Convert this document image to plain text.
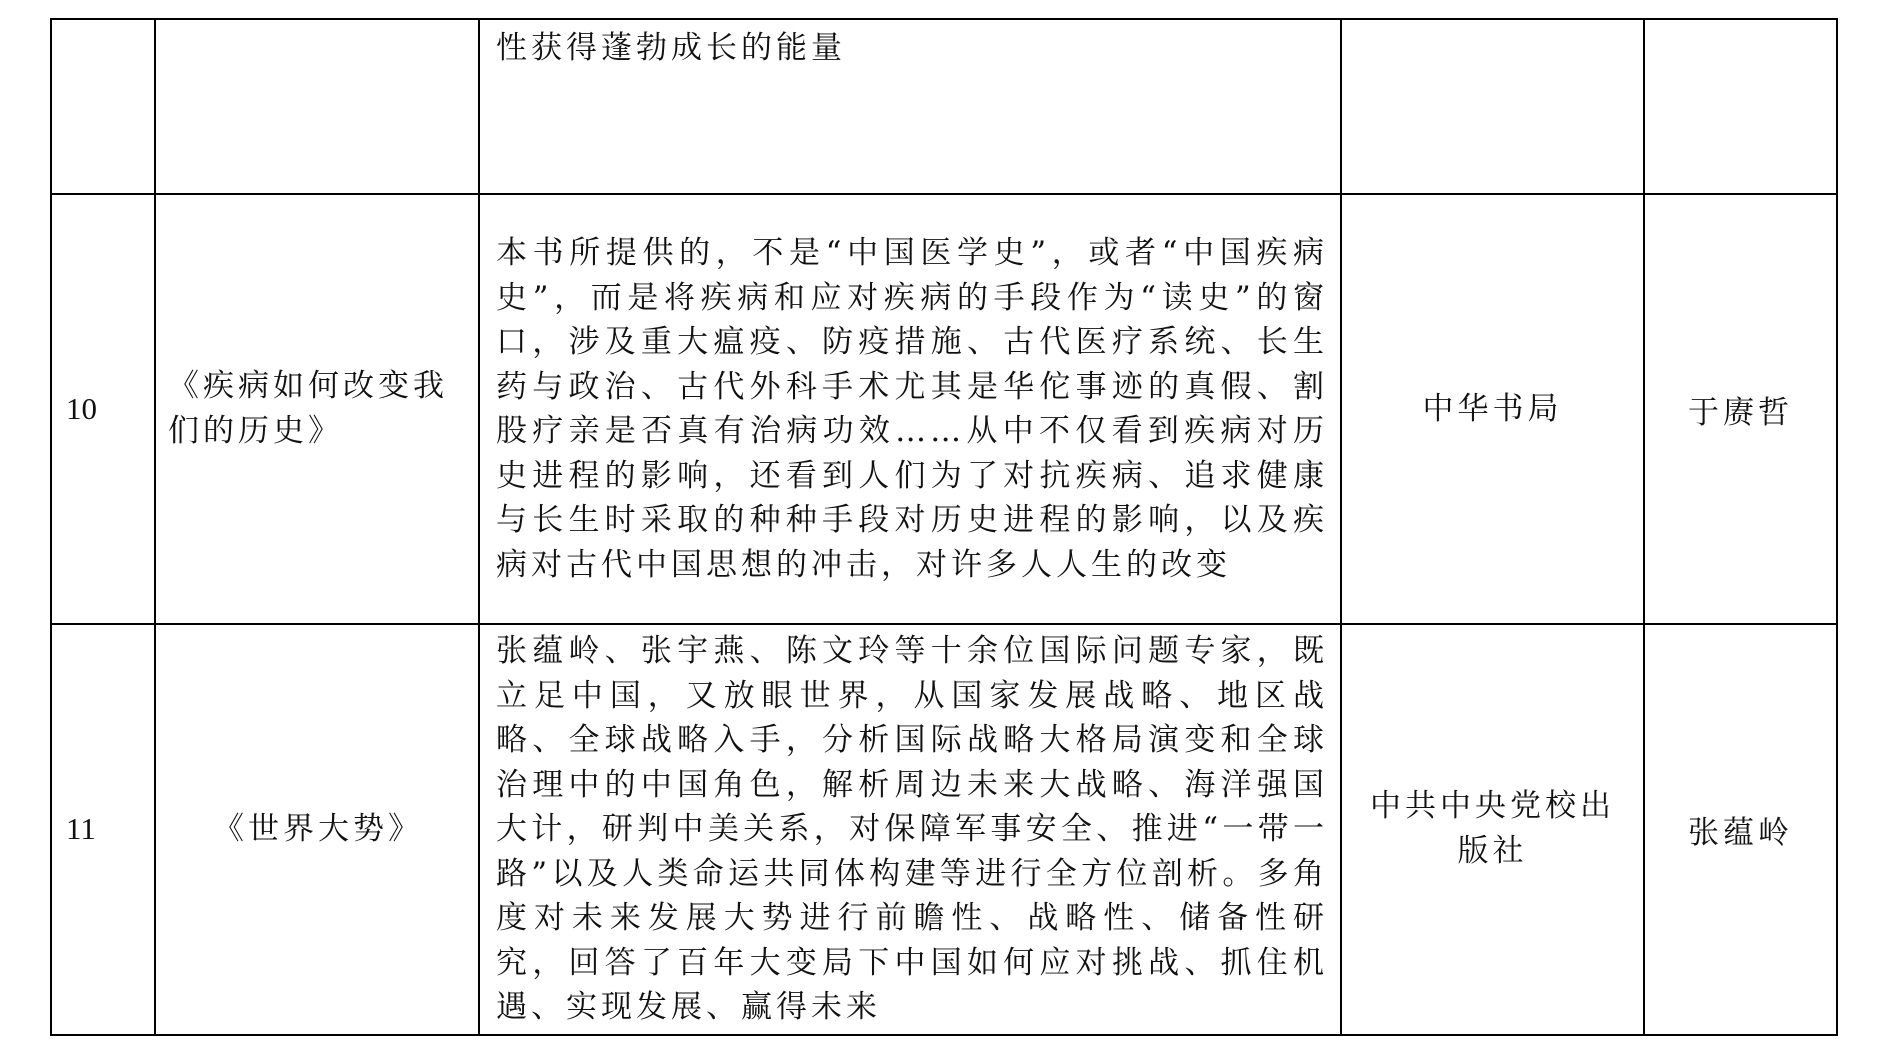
		性获得蓬勃成长的能量		
10	《疾病如何改变我们的历史》	本书所提供的，不是“中国医学史”，或者“中国疾病史”，而是将疾病和应对疾病的手段作为“读史”的窗口，涉及重大瘟疫、防疫措施、古代医疗系统、长生药与政治、古代外科手术尤其是华佗事迹的真假、割股疗亲是否真有治病功效……从中不仅看到疾病对历史进程的影响，还看到人们为了对抗疾病、追求健康与长生时采取的种种手段对历史进程的影响，以及疾病对古代中国思想的冲击，对许多人人生的改变	中华书局	于赓哲
11	《世界大势》	张蕴岭、张宇燕、陈文玲等十余位国际问题专家，既立足中国，又放眼世界，从国家发展战略、地区战略、全球战略入手，分析国际战略大格局演变和全球治理中的中国角色，解析周边未来大战略、海洋强国大计，研判中美关系，对保障军事安全、推进“一带一路”以及人类命运共同体构建等进行全方位剖析。多角度对未来发展大势进行前瞻性、战略性、储备性研究，回答了百年大变局下中国如何应对挑战、抓住机遇、实现发展、赢得未来	中共中央党校出版社	张蕴岭
